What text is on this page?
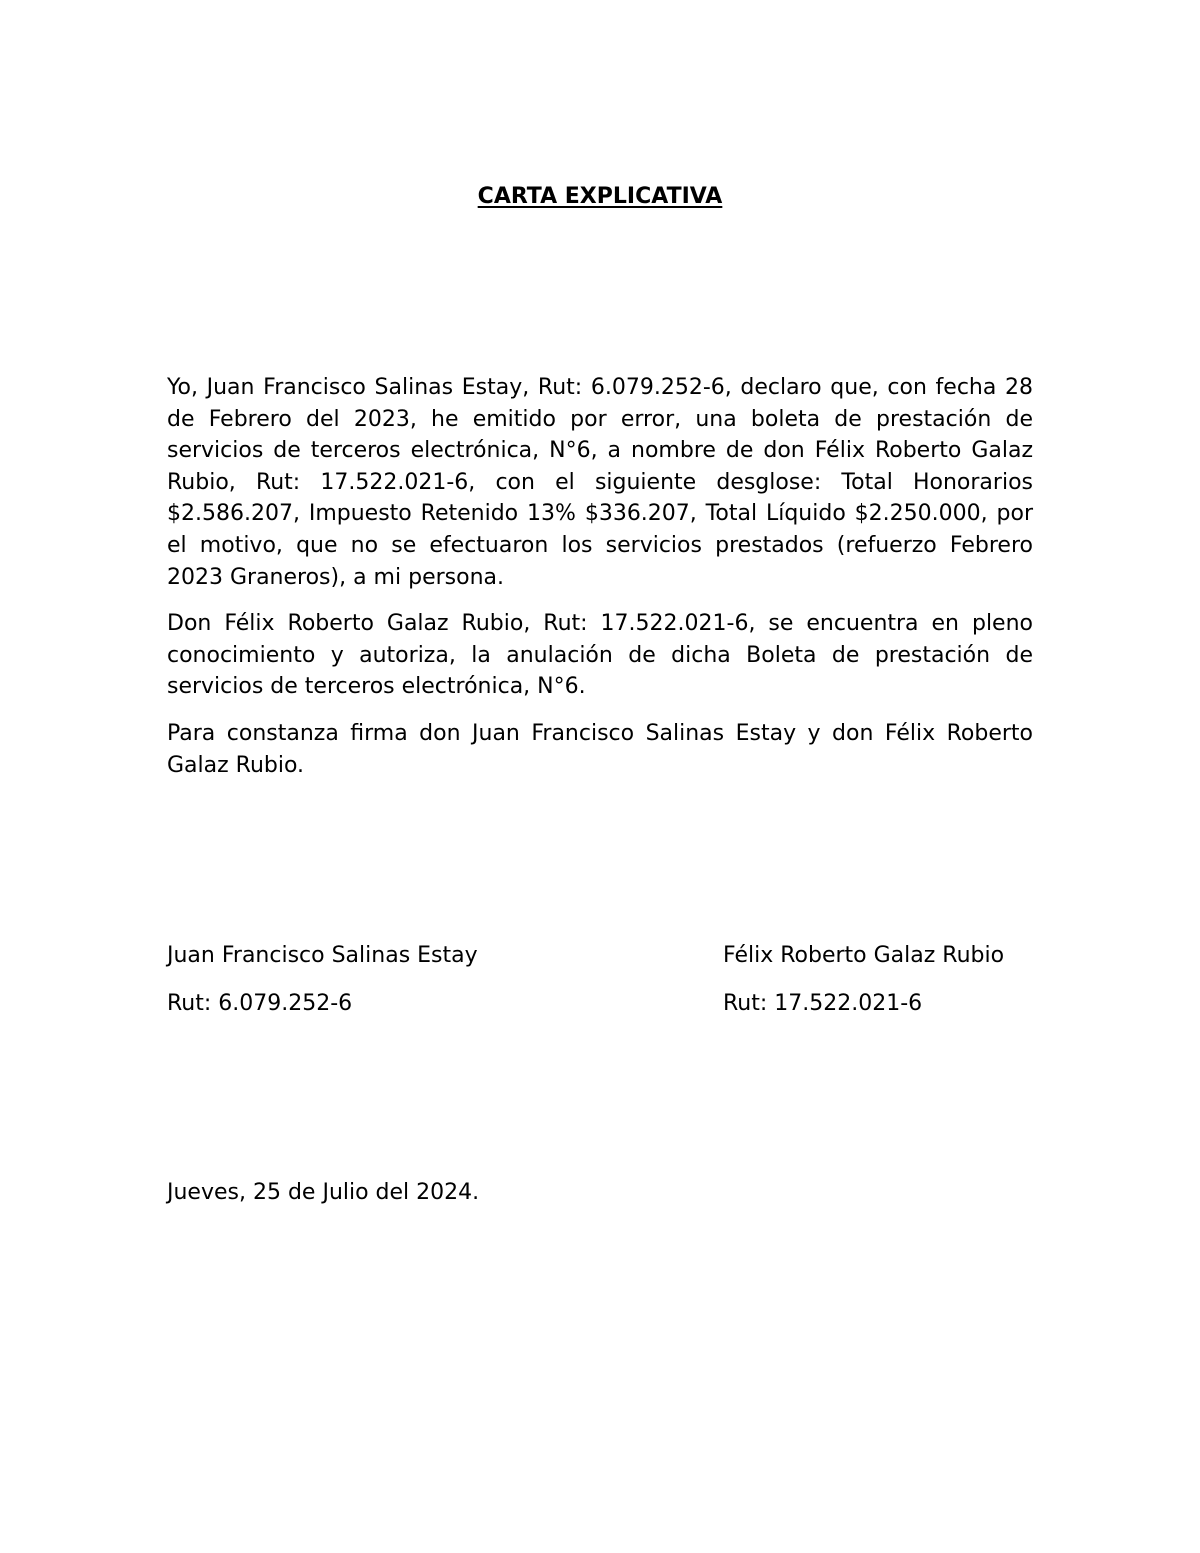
CARTA EXPLICATIVA

Yo, Juan Francisco Salinas Estay, Rut: 6.079.252-6, declaro que, con fecha 28 de Febrero del 2023, he emitido por error, una boleta de prestación de servicios de terceros electrónica, N°6, a nombre de don Félix Roberto Galaz Rubio, Rut: 17.522.021-6, con el siguiente desglose: Total Honorarios $2.586.207, Impuesto Retenido 13% $336.207, Total Líquido $2.250.000, por el motivo, que no se efectuaron los servicios prestados (refuerzo Febrero 2023 Graneros), a mi persona.

Don Félix Roberto Galaz Rubio, Rut: 17.522.021-6, se encuentra en pleno conocimiento y autoriza, la anulación de dicha Boleta de prestación de servicios de terceros electrónica, N°6.

Para constanza firma don Juan Francisco Salinas Estay y don Félix Roberto Galaz Rubio.

Juan Francisco Salinas Estay	Félix Roberto Galaz Rubio
Rut: 6.079.252-6	Rut: 17.522.021-6
Jueves, 25 de Julio del 2024.
